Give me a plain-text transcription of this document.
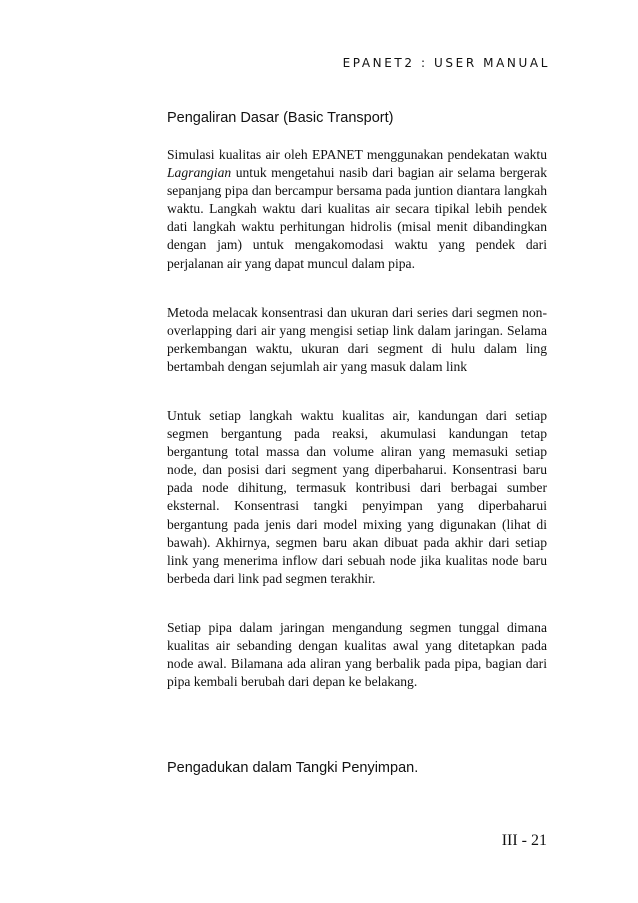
EPANET2 : USER MANUAL
Pengaliran Dasar (Basic Transport)

Simulasi kualitas air oleh EPANET menggunakan pendekatan waktu Lagrangian untuk mengetahui nasib dari bagian air selama bergerak sepanjang pipa dan bercampur bersama pada juntion diantara langkah waktu. Langkah waktu dari kualitas air secara tipikal lebih pendek dati langkah waktu perhitungan hidrolis (misal menit dibandingkan dengan jam) untuk mengakomodasi waktu yang pendek dari perjalanan air yang dapat muncul dalam pipa.

Metoda melacak konsentrasi dan ukuran dari series dari segmen non-overlapping dari air yang mengisi setiap link dalam jaringan. Selama perkembangan waktu, ukuran dari segment di hulu dalam ling bertambah dengan sejumlah air yang masuk dalam link

Untuk setiap langkah waktu kualitas air, kandungan dari setiap segmen bergantung pada reaksi, akumulasi kandungan tetap bergantung total massa dan volume aliran yang memasuki setiap node, dan posisi dari segment yang diperbaharui. Konsentrasi baru pada node dihitung, termasuk kontribusi dari berbagai sumber eksternal. Konsentrasi tangki penyimpan yang diperbaharui bergantung pada jenis dari model mixing yang digunakan (lihat di bawah). Akhirnya, segmen baru akan dibuat pada akhir dari setiap link yang menerima inflow dari sebuah node jika kualitas node baru berbeda dari link pad segmen terakhir.

Setiap pipa dalam jaringan mengandung segmen tunggal dimana kualitas air sebanding dengan kualitas awal yang ditetapkan pada node awal. Bilamana ada aliran yang berbalik pada pipa, bagian dari pipa kembali berubah dari depan ke belakang.

Pengadukan dalam Tangki Penyimpan.
III - 21
